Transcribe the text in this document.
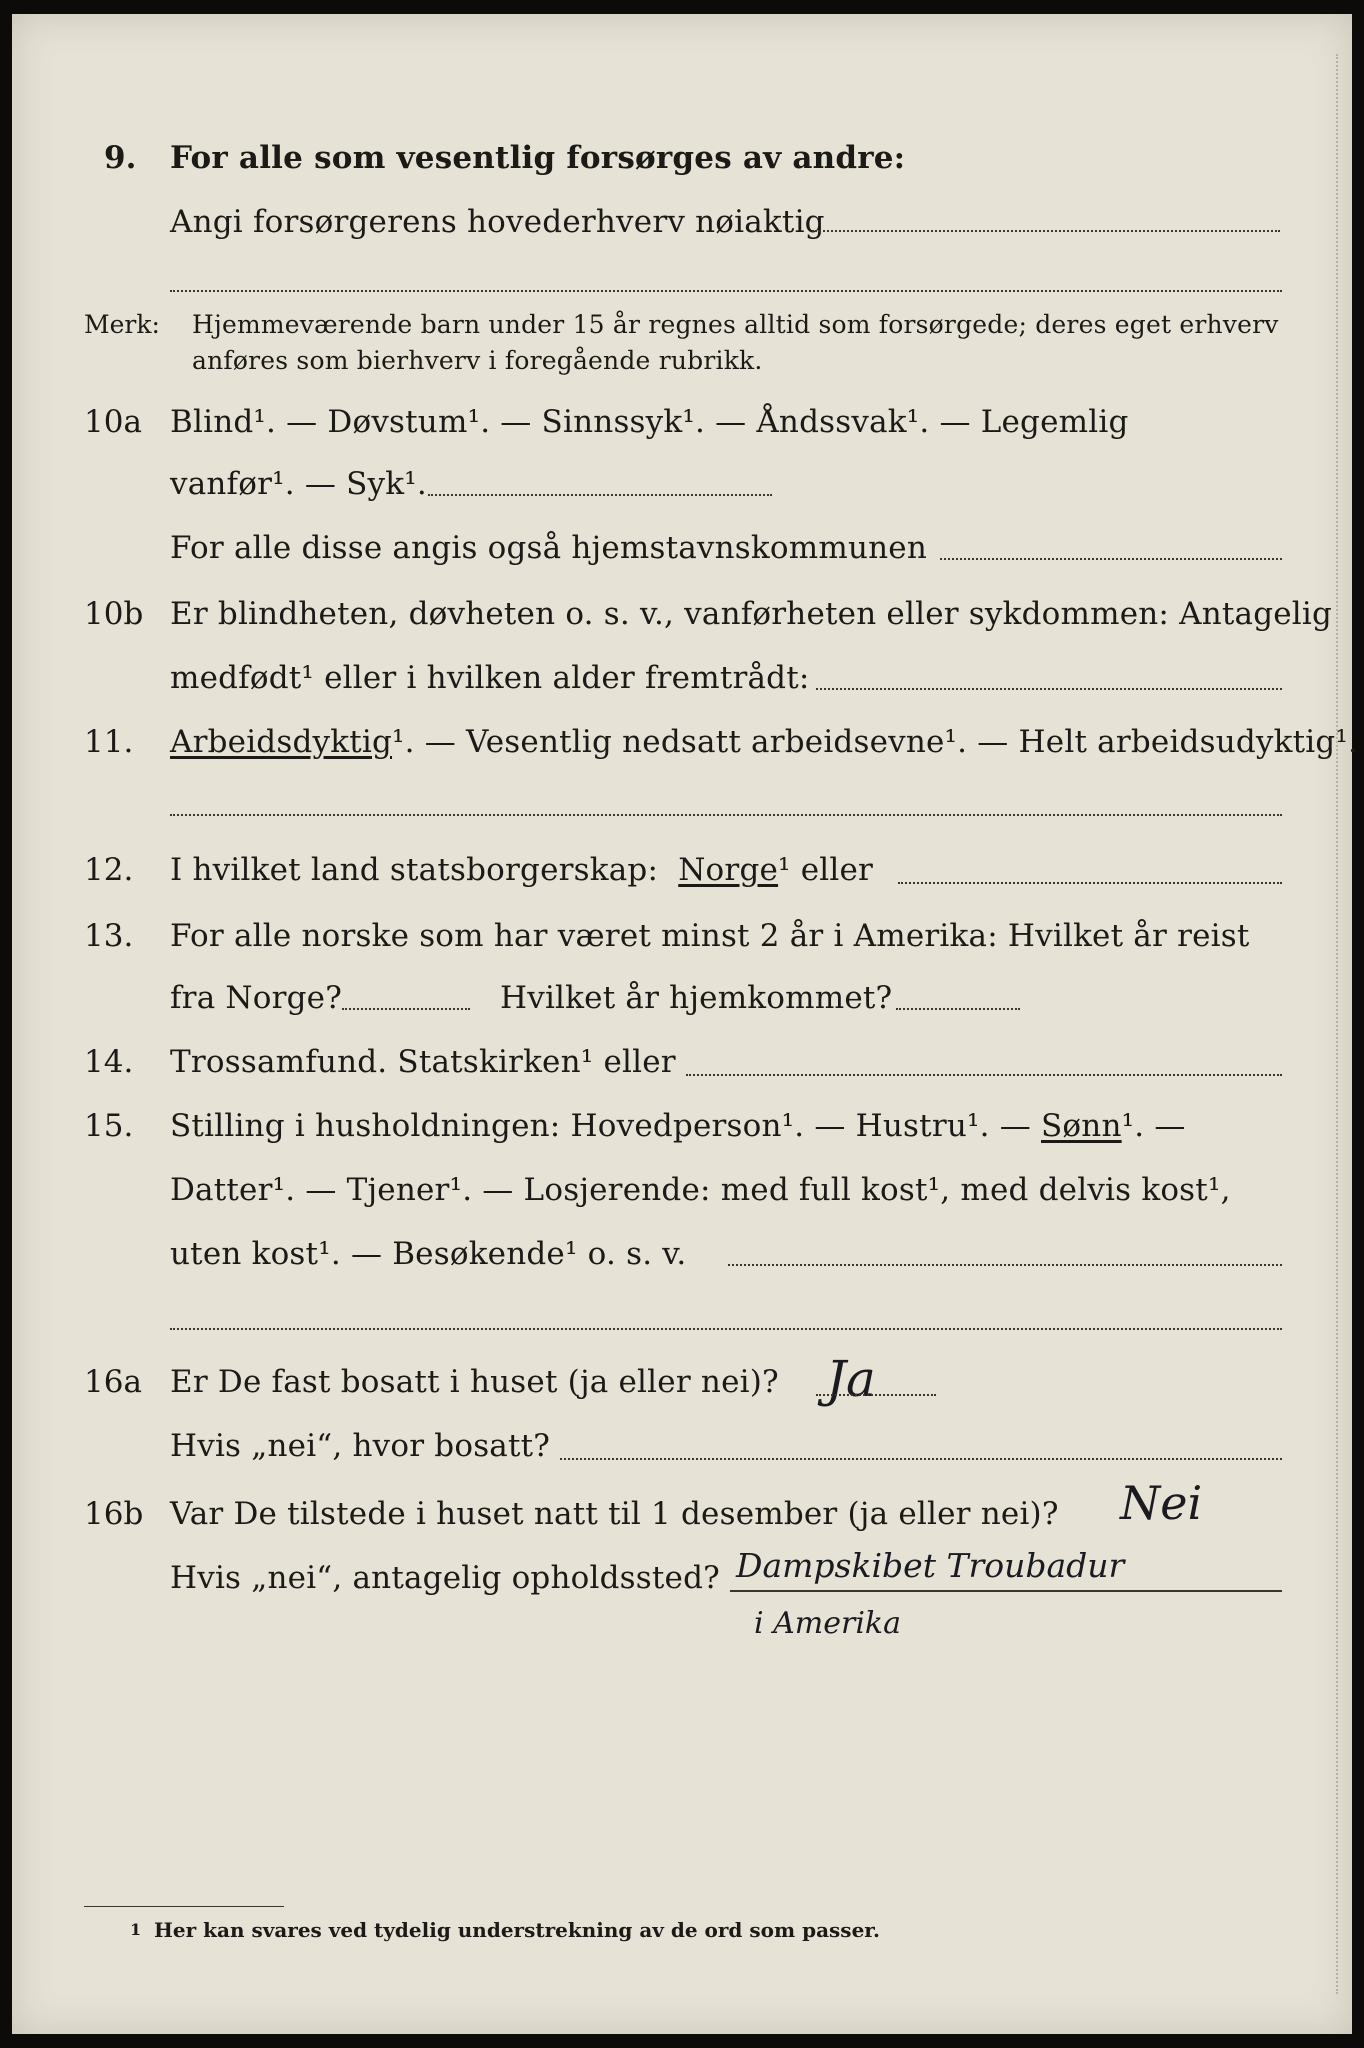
9. For alle som vesentlig forsørges av andre:
Angi forsørgerens hovederhverv nøiaktig
Merk: Hjemmeværende barn under 15 år regnes alltid som forsørgede; deres eget erhverv
anføres som bierhverv i foregående rubrikk.
10a Blind¹. — Døvstum¹. — Sinnssyk¹. — Åndssvak¹. — Legemlig
vanfør¹. — Syk¹.
For alle disse angis også hjemstavnskommunen
10b Er blindheten, døvheten o. s. v., vanførheten eller sykdommen: Antagelig
medfødt¹ eller i hvilken alder fremtrådt:
11. Arbeidsdyktig¹. — Vesentlig nedsatt arbeidsevne¹. — Helt arbeidsudyktig¹.
12. I hvilket land statsborgerskap: Norge¹ eller
13. For alle norske som har været minst 2 år i Amerika: Hvilket år reist
fra Norge?	Hvilket år hjemkommet?
14. Trossamfund. Statskirken¹ eller
15. Stilling i husholdningen: Hovedperson¹. — Hustru¹. — Sønn¹. —
Datter¹. — Tjener¹. — Losjerende: med full kost¹, med delvis kost¹,
uten kost¹. — Besøkende¹ o. s. v.
16a Er De fast bosatt i huset (ja eller nei)? Ja
Hvis „nei“, hvor bosatt?
16b Var De tilstede i huset natt til 1 desember (ja eller nei)? Nei
Hvis „nei“, antagelig opholdssted? Dampskibet Troubadur
i Amerika
1 Her kan svares ved tydelig understrekning av de ord som passer.
